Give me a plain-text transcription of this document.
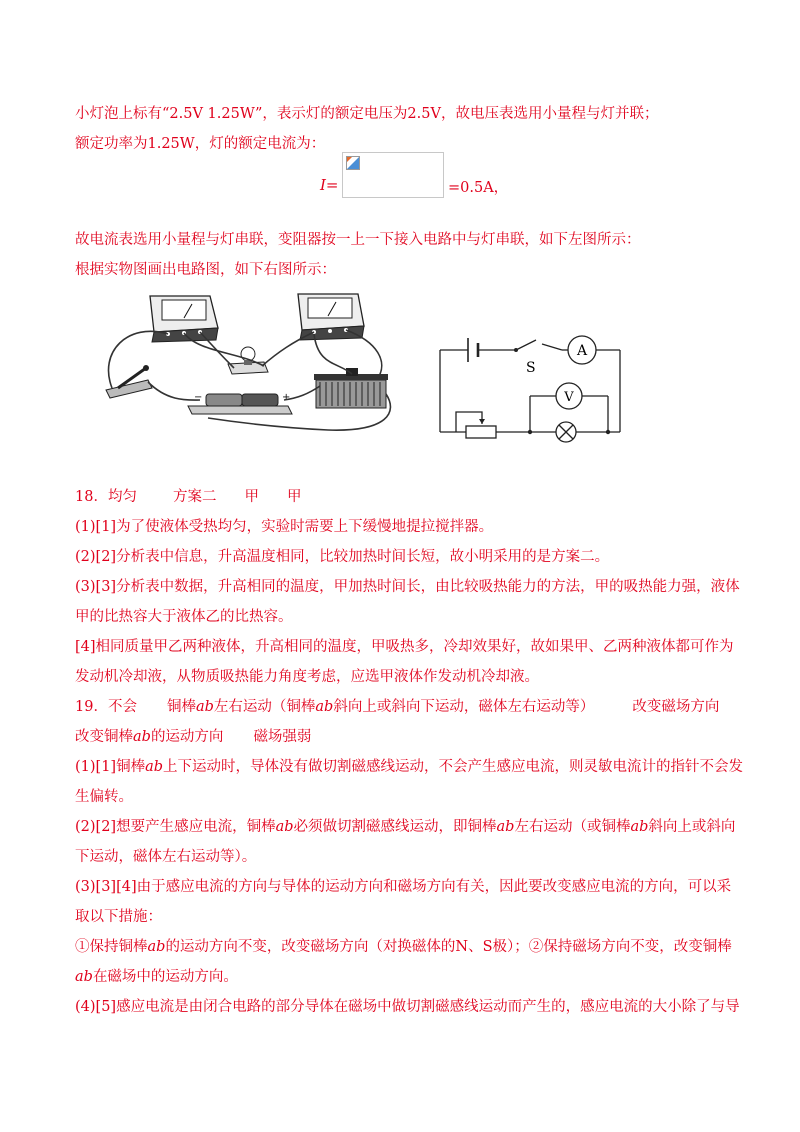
小灯泡上标有“2.5V 1.25W”，表示灯的额定电压为2.5V，故电压表选用小量程与灯并联；
额定功率为1.25W，灯的额定电流为：
I=	=0.5A，
故电流表选用小量程与灯串联，变阻器按一上一下接入电路中与灯串联，如下左图所示：
根据实物图画出电路图，如下右图所示：
−	+
A
V
S
18．均匀 方案二 甲 甲
(1)[1]为了使液体受热均匀，实验时需要上下缓慢地提拉搅拌器。
(2)[2]分析表中信息，升高温度相同，比较加热时间长短，故小明采用的是方案二。
(3)[3]分析表中数据，升高相同的温度，甲加热时间长，由比较吸热能力的方法，甲的吸热能力强，液体
甲的比热容大于液体乙的比热容。
[4]相同质量甲乙两种液体，升高相同的温度，甲吸热多，冷却效果好，故如果甲、乙两种液体都可作为
发动机冷却液，从物质吸热能力角度考虑，应选甲液体作发动机冷却液。
19．不会 铜棒ab左右运动（铜棒ab斜向上或斜向下运动，磁体左右运动等）	改变磁场方向
改变铜棒ab的运动方向 磁场强弱
(1)[1]铜棒ab上下运动时，导体没有做切割磁感线运动，不会产生感应电流，则灵敏电流计的指针不会发
生偏转。
(2)[2]想要产生感应电流，铜棒ab必须做切割磁感线运动，即铜棒ab左右运动（或铜棒ab斜向上或斜向
下运动，磁体左右运动等）。
(3)[3][4]由于感应电流的方向与导体的运动方向和磁场方向有关，因此要改变感应电流的方向，可以采
取以下措施：
①保持铜棒ab的运动方向不变，改变磁场方向（对换磁体的N、S极）；②保持磁场方向不变，改变铜棒
ab在磁场中的运动方向。
(4)[5]感应电流是由闭合电路的部分导体在磁场中做切割磁感线运动而产生的，感应电流的大小除了与导
